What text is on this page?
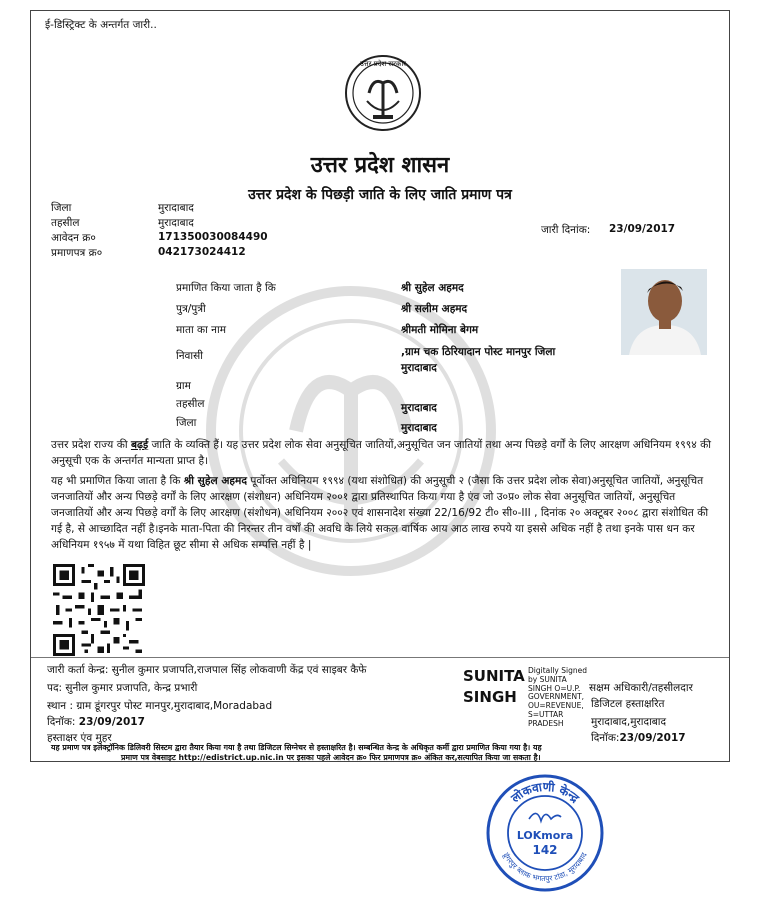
ई-डिस्ट्रिक्ट के अन्तर्गत जारी..
उत्तर प्रदेश सरकार
उत्तर प्रदेश शासन
उत्तर प्रदेश के पिछड़ी जाति के लिए जाति प्रमाण पत्र
जिला	मुरादाबाद
तहसील	मुरादाबाद
आवेदन क्र०	171350030084490
प्रमाणपत्र क्र०	042173024412
जारी दिनांक: 23/09/2017
प्रमाणित किया जाता है कि	श्री सुहेल अहमद
पुत्र/पुत्री	श्री सलीम अहमद
माता का नाम	श्रीमती मोमिना बेगम
निवासी	,ग्राम चक ठिरियादान पोस्ट मानपुर जिला
मुरादाबाद
ग्राम
तहसील	मुरादाबाद
जिला	मुरादाबाद
उत्तर प्रदेश राज्य की बढ़ई जाति के व्यक्ति हैं। यह उत्तर प्रदेश लोक सेवा अनुसूचित जातियों,अनुसूचित जन जातियों तथा अन्य पिछड़े वर्गों के लिए आरक्षण अधिनियम १९९४ की अनुसूची एक के अन्तर्गत मान्यता प्राप्त है।
यह भी प्रमाणित किया जाता है कि श्री सुहेल अहमद पूर्वोक्त अधिनियम १९९४ (यथा संशोधित) की अनुसूची २ (जैसा कि उत्तर प्रदेश लोक सेवा)अनुसूचित जातियों, अनुसूचित जनजातियों और अन्य पिछड़े वर्गों के लिए आरक्षण (संशोधन) अधिनियम २००१ द्वारा प्रतिस्थापित किया गया है एंव जो उ०प्र० लोक सेवा अनुसूचित जातियों, अनुसूचित जनजातियों और अन्य पिछड़े वर्गों के लिए आरक्षण (संशोधन) अधिनियम २००२ एवं शासनादेश संख्या 22/16/92 टी० सी०-III , दिनांक २० अक्टूबर २००८ द्वारा संशोधित की गई है, से आच्छादित नहीं है।इनके माता-पिता की निरन्तर तीन वर्षों की अवधि के लिये सकल वार्षिक आय आठ लाख रुपये या इससे अधिक नहीं है तथा इनके पास धन कर अधिनियम १९५७ में यथा विहित छूट सीमा से अधिक सम्पत्ति नहीं है |
जारी कर्ता केन्द्र: सुनील कुमार प्रजापति,राजपाल सिंह लोकवाणी केंद्र एवं साइबर कैफे
पद: सुनील कुमार प्रजापति, केन्द्र प्रभारी
स्थान : ग्राम डूंगरपुर पोस्ट मानपुर,मुरादाबाद,Moradabad
दिनॉक: 23/09/2017
हस्ताक्षर एंव मुहर
SUNITA
SINGH
Digitally Signed
by SUNITA
SINGH O=U.P.
GOVERNMENT,
OU=REVENUE,
S=UTTAR
PRADESH
सक्षम अधिकारी/तहसीलदार
डिजिटल हस्ताक्षरित
मुरादाबाद,मुरादाबाद
दिनॉक:23/09/2017
यह प्रमाण पत्र इलेक्ट्रॉनिक डिलिवरी सिस्टम द्वारा तैयार किया गया है तथा डिजिटल सिग्नेचर से हस्ताक्षरित है। सम्बन्धित केन्द्र के अधिकृत कर्मी द्वारा प्रमाणित किया गया है। यह
प्रमाण पत्र वेबसाइट http://edistrict.up.nic.in पर इसका पहले आवेदन क्र० फिर प्रमाणपत्र क्र० अंकित कर,सत्यापित किया जा सकता है।
लोकवाणी केन्द्र
डूंगरपुर ब्लाक भगतपुर टांडा, मुरादाबाद
LOKmora
142
